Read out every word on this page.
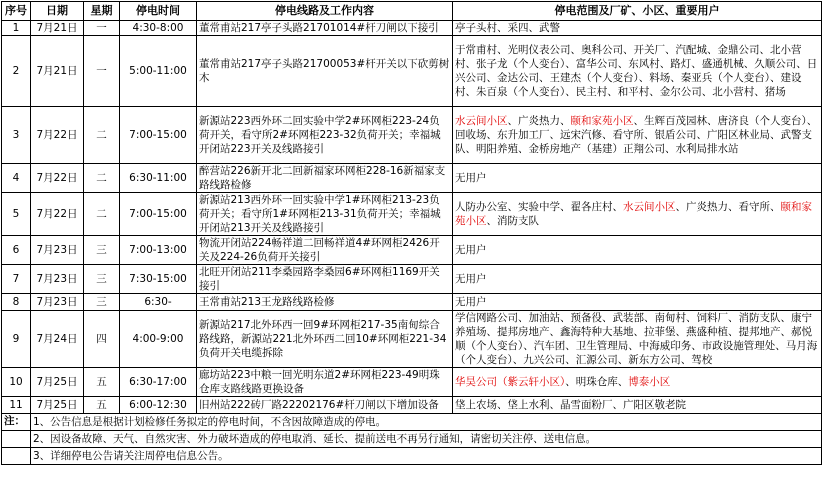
序号	日期	星期	停电时间	停电线路及工作内容	停电范围及厂矿、小区、重要用户
1	7月21日	一	4:30-8:00	董常甫站217亭子头路21701014#杆刀闸以下接引	亭子头村、采四、武警
2	7月21日	一	5:00-11:00	董常甫站217亭子头路21700053#杆开关以下砍剪树木	于常甫村、光明仪表公司、奥科公司、开关厂、汽配城、金鼎公司、北小营村、张子龙（个人变台）、富华公司、东风村、路灯、盛通机械、久顺公司、日兴公司、金达公司、王建杰（个人变台）、料场、秦亚兵（个人变台）、建设村、朱百泉（个人变台）、民主村、和平村、金尔公司、北小营村、猪场
3	7月22日	二	7:00-15:00	新源站223西外环二回实验中学2#环网柜223-24负荷开关，看守所2#环网柜223-32负荷开关；幸福城开闭站223开关及线路接引	水云间小区、广炎热力、颐和家苑小区、生辉百茂园林、唐济良（个人变台）、回收场、东升加工厂、远宋汽修、看守所、银盾公司、广阳区林业局、武警支队、明阳养殖、金桥房地产（基建）正翔公司、水利局排水站
4	7月22日	二	6:30-11:00	醉营站226新开北二回新福家环网柜228-16新福家支路线路检修	无用户
5	7月22日	二	7:00-15:00	新源站213西外环一回实验中学1#环网柜213-23负荷开关；看守所1#环网柜213-31负荷开关；幸福城开闭站213开关及线路接引	人防办公室、实验中学、翟各庄村、水云间小区、广炎热力、看守所、颐和家苑小区、消防支队
6	7月23日	三	7:00-13:00	物流开闭站224畅祥道二回畅祥道4#环网柜2426开关及224-26负荷开关接引	无用户
7	7月23日	三	7:30-15:00	北旺开闭站211李桑园路李桑园6#环网柜1169开关接引	无用户
8	7月23日	三	6:30-	王常甫站213王龙路线路检修	无用户
9	7月24日	四	4:00-9:00	新源站217北外环西一回9#环网柜217-35南甸综合路线路，新源站221北外环西二回10#环网柜221-34负荷开关电缆拆除	学信网路公司、加油站、预备役、武装部、南甸村、饲料厂、消防支队、康宁养殖场、提邦房地产、鑫海特种大基地、拉菲堡、燕盛种植、提邦地产、郝悦顺（个人变台）、汽车团、卫生管理局、中海威印务、市政设施管理处、马月海（个人变台）、九兴公司、汇源公司、新东方公司、驾校
10	7月25日	五	6:30-17:00	廊坊站223中粮一回光明东道2#环网柜223-49明珠仓库支路线路更换设备	华昊公司（紫云轩小区）、明珠仓库、博泰小区
11	7月25日	五	6:00-12:30	旧州站222砖厂路22202176#杆刀闸以下增加设备	垡上农场、垡上水利、晶雪面粉厂、广阳区敬老院
注：	1、公告信息是根据计划检修任务拟定的停电时间，不含因故障造成的停电。				
	2、因设备故障、天气、自然灾害、外力破坏造成的停电取消、延长、提前送电不再另行通知，请密切关注停、送电信息。				
	3、详细停电公告请关注周停电信息公告。				
